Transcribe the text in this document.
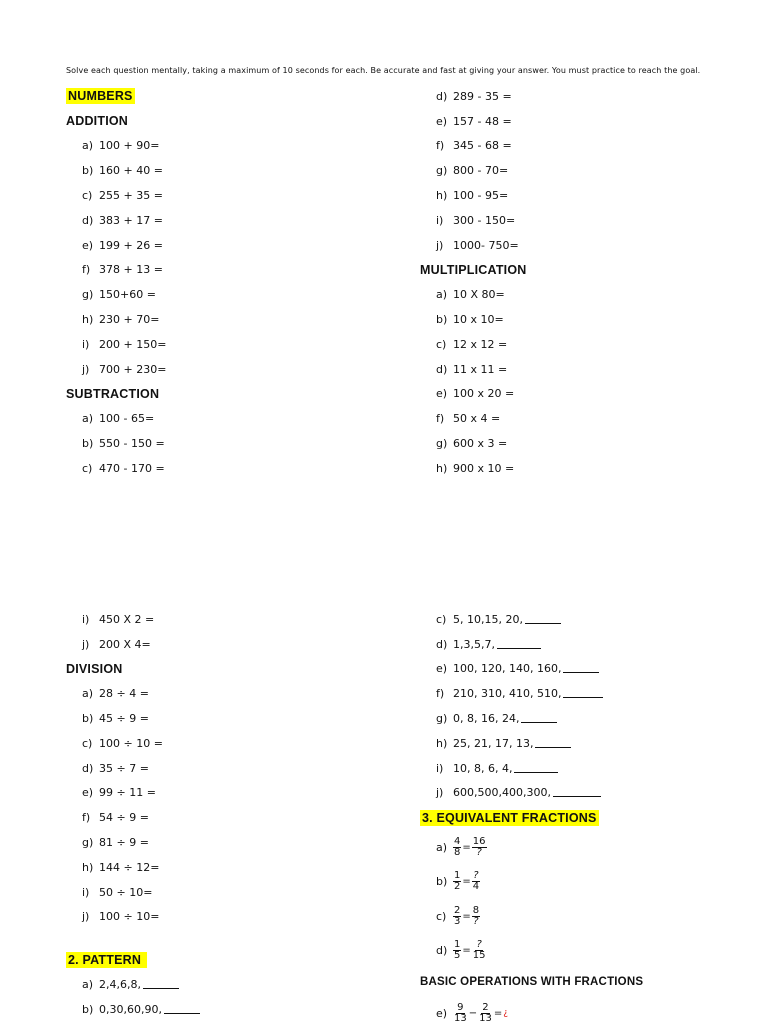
Solve each question mentally, taking a maximum of 10 seconds for each. Be accurate and fast at giving your answer. You must practice to reach the goal.
NUMBERS
ADDITION
a) 100 + 90=
b) 160 + 40 =
c) 255 + 35 =
d) 383 + 17 =
e) 199 + 26 =
f) 378 + 13 =
g) 150+60 =
h) 230 + 70=
i) 200 + 150=
j) 700 + 230=
SUBTRACTION
a) 100 - 65=
b) 550 - 150 =
c) 470 - 170 =
d) 289 - 35 =
e) 157 - 48 =
f) 345 - 68 =
g) 800 - 70=
h) 100 - 95=
i) 300 - 150=
j) 1000- 750=
MULTIPLICATION
a) 10 X 80=
b) 10 x 10=
c) 12 x 12 =
d) 11 x 11 =
e) 100 x 20 =
f) 50 x 4 =
g) 600 x 3 =
h) 900 x 10 =
i) 450 X 2 =
j) 200 X 4=
DIVISION
a) 28 ÷ 4 =
b) 45 ÷ 9 =
c) 100 ÷ 10 =
d) 35 ÷ 7 =
e) 99 ÷ 11 =
f) 54 ÷ 9 =
g) 81 ÷ 9 =
h) 144 ÷ 12=
i) 50 ÷ 10=
j) 100 ÷ 10=
2. PATTERN
a) 2,4,6,8,
b) 0,30,60,90,
c) 5, 10,15, 20,
d) 1,3,5,7,
e) 100, 120, 140, 160,
f) 210, 310, 410, 510,
g) 0, 8, 16, 24,
h) 25, 21, 17, 13,
i) 10, 8, 6, 4,
j) 600,500,400,300,
3. EQUIVALENT FRACTIONS
$a) \frac{4}{8} = \frac{16}{?}$
$b) \frac{1}{2} = \frac{?}{4}$
$c) \frac{2}{3} = \frac{8}{?}$
$d) \frac{1}{5} = \frac{?}{15}$
BASIC OPERATIONS WITH FRACTIONS
$e) \frac{9}{13} - \frac{2}{13}$ = ¿
